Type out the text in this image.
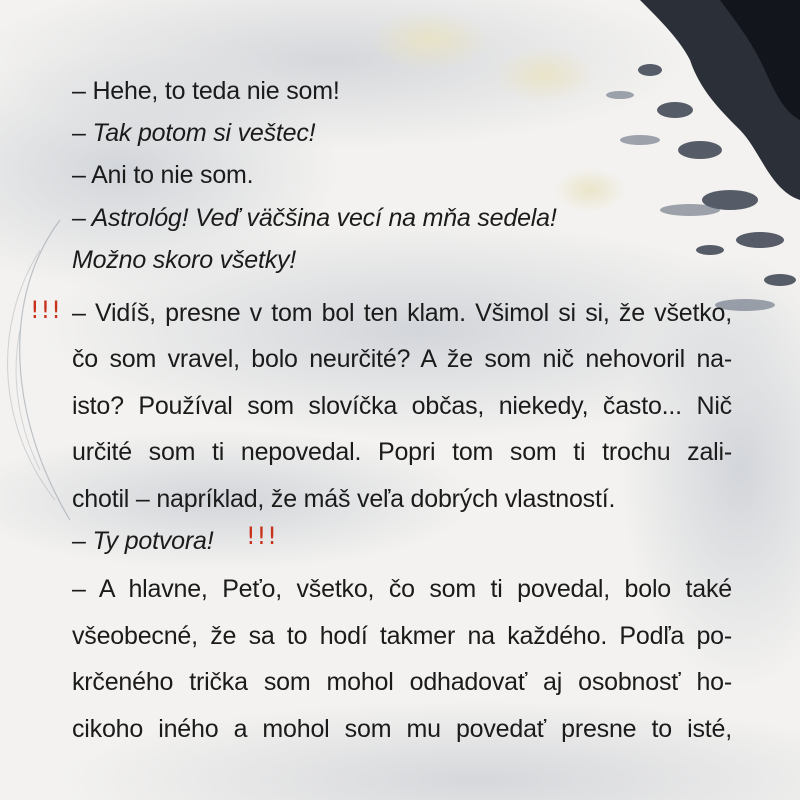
– Hehe, to teda nie som!
– Tak potom si veštec!
– Ani to nie som.
– Astrológ! Veď väčšina vecí na mňa sedela!
Možno skoro všetky!
– Vidíš, presne v tom bol ten klam. Všimol si si, že všetko,
čo som vravel, bolo neurčité? A že som nič nehovoril na-
isto? Používal som slovíčka občas, niekedy, často... Nič
určité som ti nepovedal. Popri tom som ti trochu zali-
chotil – napríklad, že máš veľa dobrých vlastností.
– Ty potvora!
– A hlavne, Peťo, všetko, čo som ti povedal, bolo také
všeobecné, že sa to hodí takmer na každého. Podľa po-
krčeného trička som mohol odhadovať aj osobnosť ho-
cikoho iného a mohol som mu povedať presne to isté,
!!!
!!!
